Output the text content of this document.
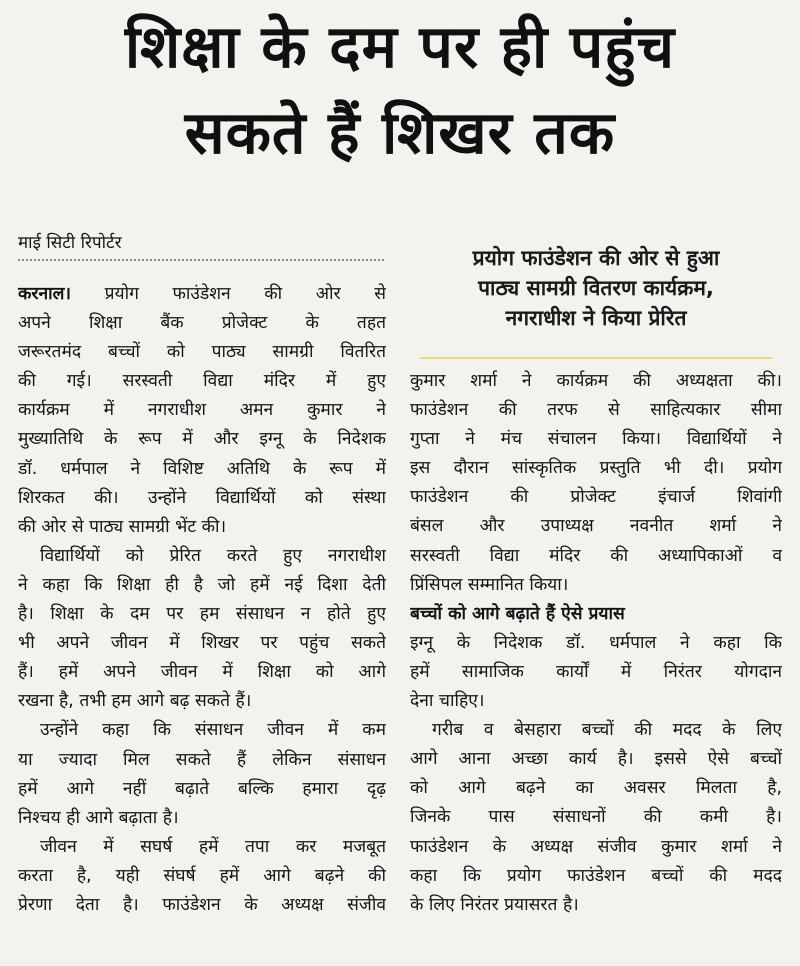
शिक्षा के दम पर ही पहुंच
सकते हैं शिखर तक
माई सिटी रिपोर्टर
प्रयोग फाउंडेशन की ओर से हुआ
पाठ्य सामग्री वितरण कार्यक्रम,
नगराधीश ने किया प्रेरित
करनाल। प्रयोग फाउंडेशन की ओर से
अपने शिक्षा बैंक प्रोजेक्ट के तहत
जरूरतमंद बच्चों को पाठ्य सामग्री वितरित
की गई। सरस्वती विद्या मंदिर में हुए
कार्यक्रम में नगराधीश अमन कुमार ने
मुख्यातिथि के रूप में और इग्नू के निदेशक
डॉ. धर्मपाल ने विशिष्ट अतिथि के रूप में
शिरकत की। उन्होंने विद्यार्थियों को संस्था
की ओर से पाठ्य सामग्री भेंट की।
विद्यार्थियों को प्रेरित करते हुए नगराधीश
ने कहा कि शिक्षा ही है जो हमें नई दिशा देती
है। शिक्षा के दम पर हम संसाधन न होते हुए
भी अपने जीवन में शिखर पर पहुंच सकते
हैं। हमें अपने जीवन में शिक्षा को आगे
रखना है, तभी हम आगे बढ़ सकते हैं।
उन्होंने कहा कि संसाधन जीवन में कम
या ज्यादा मिल सकते हैं लेकिन संसाधन
हमें आगे नहीं बढ़ाते बल्कि हमारा दृढ़
निश्चय ही आगे बढ़ाता है।
जीवन में सघर्ष हमें तपा कर मजबूत
करता है, यही संघर्ष हमें आगे बढ़ने की
प्रेरणा देता है। फाउंडेशन के अध्यक्ष संजीव
कुमार शर्मा ने कार्यक्रम की अध्यक्षता की।
फाउंडेशन की तरफ से साहित्यकार सीमा
गुप्ता ने मंच संचालन किया। विद्यार्थियों ने
इस दौरान सांस्कृतिक प्रस्तुति भी दी। प्रयोग
फाउंडेशन की प्रोजेक्ट इंचार्ज शिवांगी
बंसल और उपाध्यक्ष नवनीत शर्मा ने
सरस्वती विद्या मंदिर की अध्यापिकाओं व
प्रिंसिपल सम्मानित किया।
बच्चों को आगे बढ़ाते हैं ऐसे प्रयास
इग्नू के निदेशक डॉ. धर्मपाल ने कहा कि
हमें सामाजिक कार्यों में निरंतर योगदान
देना चाहिए।
गरीब व बेसहारा बच्चों की मदद के लिए
आगे आना अच्छा कार्य है। इससे ऐसे बच्चों
को आगे बढ़ने का अवसर मिलता है,
जिनके पास संसाधनों की कमी है।
फाउंडेशन के अध्यक्ष संजीव कुमार शर्मा ने
कहा कि प्रयोग फाउंडेशन बच्चों की मदद
के लिए निरंतर प्रयासरत है।
